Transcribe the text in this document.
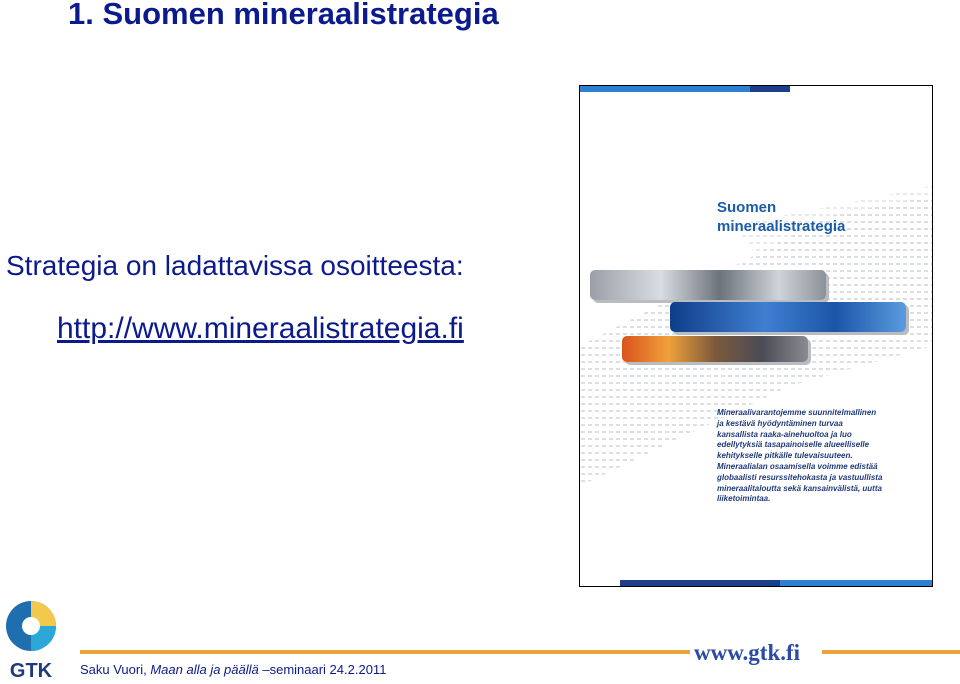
1. Suomen mineraalistrategia
Strategia on ladattavissa osoitteesta:
http://www.mineraalistrategia.fi
Suomen
mineraalistrategia
Mineraalivarantojemme suunnitelmallinen
ja kestävä hyödyntäminen turvaa
kansallista raaka-ainehuoltoa ja luo
edellytyksiä tasapainoiselle alueelliselle
kehitykselle pitkälle tulevaisuuteen.
Mineraalialan osaamisella voimme edistää
globaalisti resurssitehokasta ja vastuullista
mineraalitaloutta sekä kansainvälistä, uutta
liiketoimintaa.
GTK Saku Vuori, Maan alla ja päällä –seminaari 24.2.2011
www.gtk.fi
